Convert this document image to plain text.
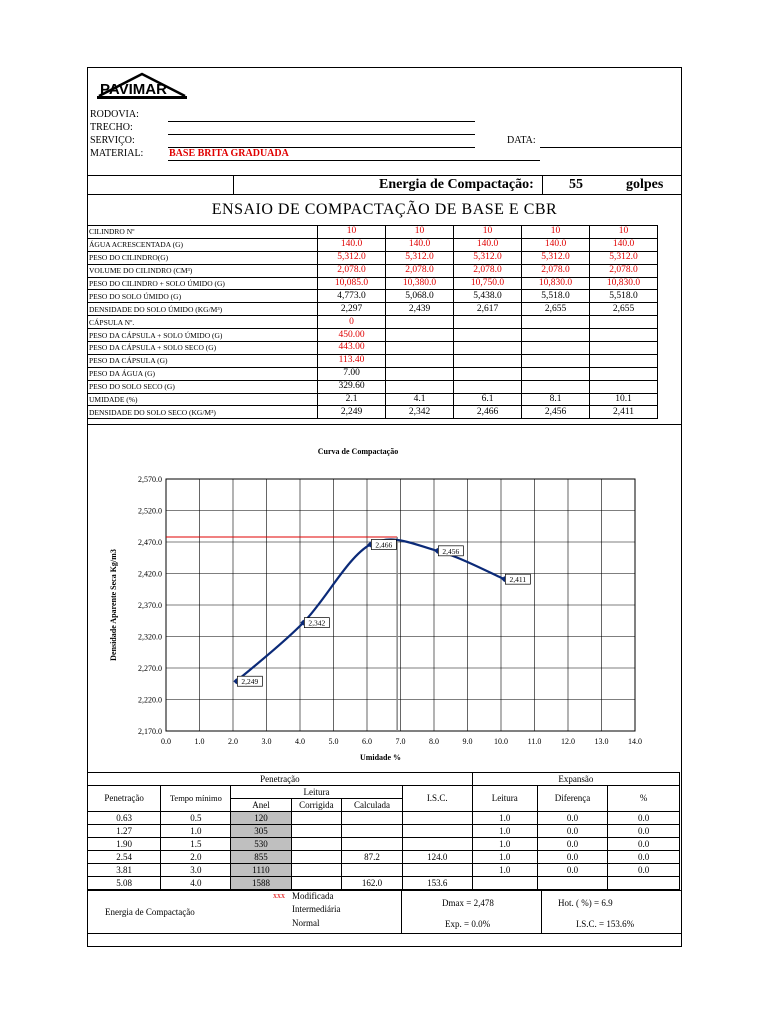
PAVIMAR
RODOVIA:
TRECHO:
SERVIÇO:
MATERIAL:	BASE BRITA GRADUADA
DATA:
Energia de Compactação:	55	golpes
ENSAIO DE COMPACTAÇÃO DE BASE E CBR
CILINDRO Nº	10	10	10	10	10
ÁGUA ACRESCENTADA (G)	140.0	140.0	140.0	140.0	140.0
PESO DO CILINDRO(G)	5,312.0	5,312.0	5,312.0	5,312.0	5,312.0
VOLUME DO CILINDRO (CM³)	2,078.0	2,078.0	2,078.0	2,078.0	2,078.0
PESO DO CILINDRO + SOLO ÚMIDO (G)	10,085.0	10,380.0	10,750.0	10,830.0	10,830.0
PESO DO SOLO ÚMIDO (G)	4,773.0	5,068.0	5,438.0	5,518.0	5,518.0
DENSIDADE DO SOLO ÚMIDO (KG/M³)	2,297	2,439	2,617	2,655	2,655
CÁPSULA Nº.	0				
PESO DA CÁPSULA + SOLO ÚMIDO (G)	450.00				
PESO DA CÁPSULA + SOLO SECO (G)	443.00				
PESO DA CÁPSULA (G)	113.40				
PESO DA ÁGUA (G)	7.00				
PESO DO SOLO SECO (G)	329.60				
UMIDADE (%)	2.1	4.1	6.1	8.1	10.1
DENSIDADE DO SOLO SECO (KG/M³)	2,249	2,342	2,466	2,456	2,411
Curva de Compactação
0.0	1.0	2.0	3.0	4.0	5.0	6.0	7.0	8.0	9.0	10.0 11.0 12.0 13.0 14.0
2,170.0
2,220.0
2,270.0
2,320.0
2,370.0
2,420.0
2,470.0
2,520.0
2,570.0
Umidade %
Densidade Aparente Seca Kg/m3
2,249
2,342
2,466
2,456
2,411
Penetração						Expansão		
Penetração	Tempo mínimo	Leitura			I.S.C.	Leitura	Diferença	%
		Anel	Corrigida	Calculada				
0.63	0.5	120				1.0	0.0	0.0
1.27	1.0	305				1.0	0.0	0.0
1.90	1.5	530				1.0	0.0	0.0
2.54	2.0	855		87.2	124.0	1.0	0.0	0.0
3.81	3.0	1110				1.0	0.0	0.0
5.08	4.0	1588		162.0	153.6			
Energia de Compactação
xxx Modificada
Intermediária
Normal
Dmax = 2,478
Exp. = 0.0%
Hot. ( %) = 6.9
I.S.C. = 153.6%
